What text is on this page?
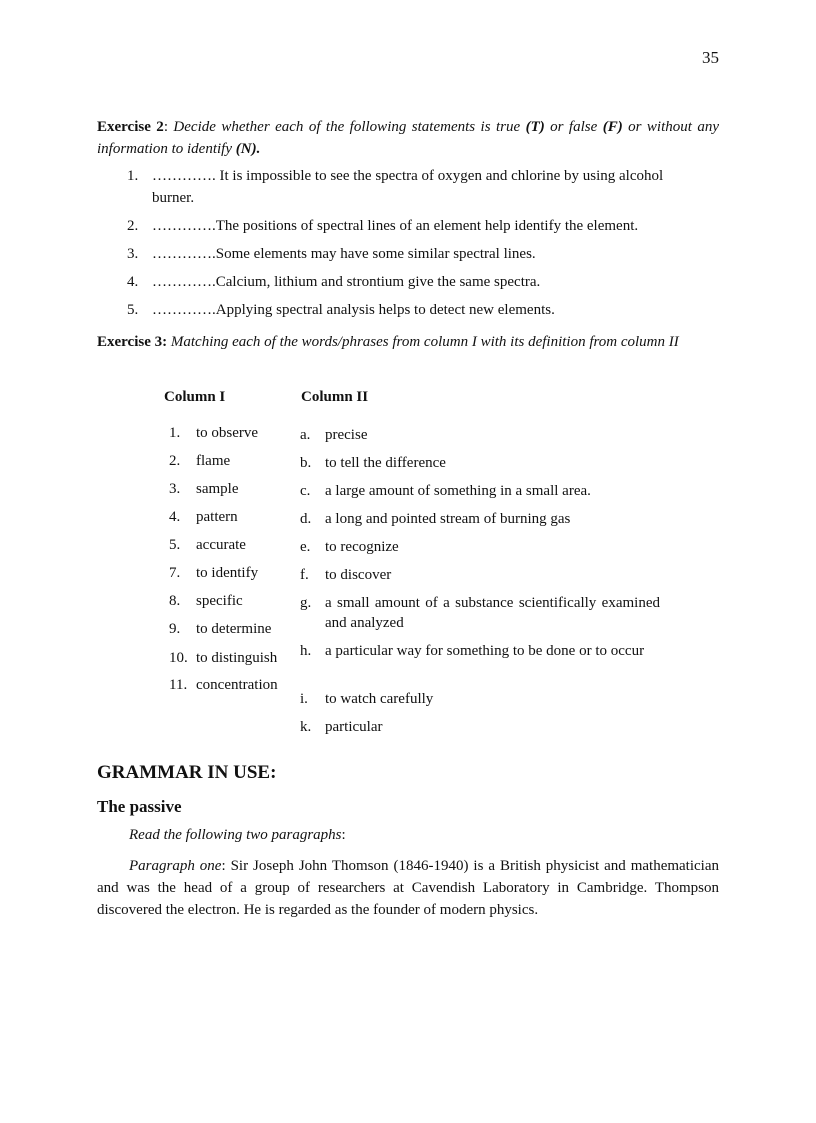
35
Exercise 2: Decide whether each of the following statements is true (T) or false (F) or without any information to identify (N).
1. …………. It is impossible to see the spectra of oxygen and chlorine by using alcohol
burner.
2. ………….The positions of spectral lines of an element help identify the element.
3. ………….Some elements may have some similar spectral lines.
4. ………….Calcium, lithium and strontium give the same spectra.
5. ………….Applying spectral analysis helps to detect new elements.
Exercise 3: Matching each of the words/phrases from column I with its definition from column II
Column I	Column II
1. to observe
2. flame
3. sample
4. pattern
5. accurate
7. to identify
8. specific
9. to determine
10. to distinguish
11. concentration
a. precise
b. to tell the difference
c. a large amount of something in a small area.
d. a long and pointed stream of burning gas
e. to recognize
f. to discover
g. a small amount of a substance scientifically examined and analyzed
h. a particular way for something to be done or to occur
i. to watch carefully
k. particular
GRAMMAR IN USE:
The passive
Read the following two paragraphs:
Paragraph one: Sir Joseph John Thomson (1846-1940) is a British physicist and mathematician and was the head of a group of researchers at Cavendish Laboratory in Cambridge. Thompson discovered the electron. He is regarded as the founder of modern physics.
